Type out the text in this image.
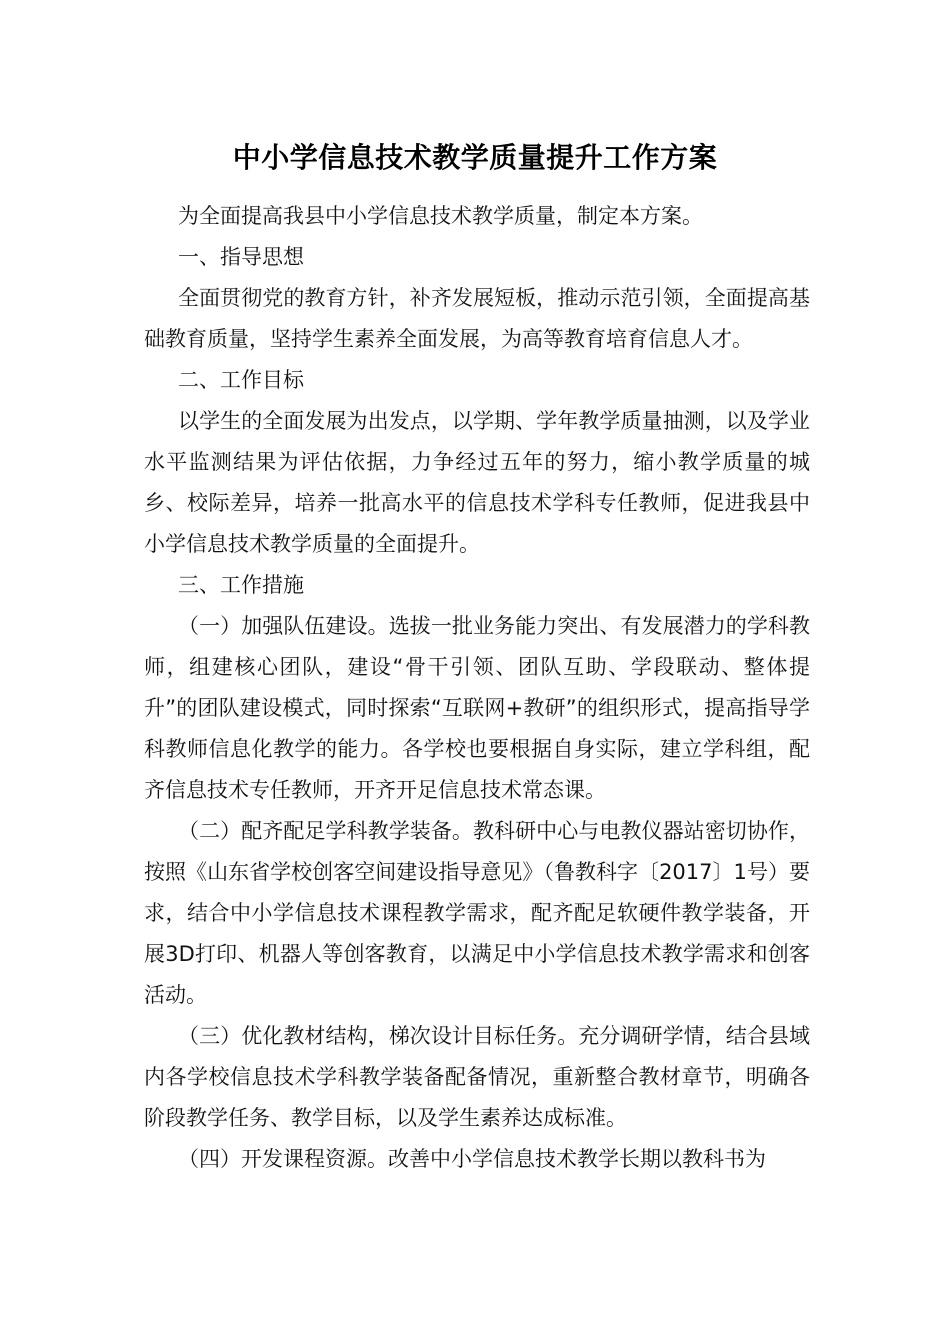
中小学信息技术教学质量提升工作方案

为全面提高我县中小学信息技术教学质量，制定本方案。

一、指导思想

全面贯彻党的教育方针，补齐发展短板，推动示范引领，全面提高基础教育质量，坚持学生素养全面发展，为高等教育培育信息人才。

二、工作目标

以学生的全面发展为出发点，以学期、学年教学质量抽测，以及学业水平监测结果为评估依据，力争经过五年的努力，缩小教学质量的城乡、校际差异，培养一批高水平的信息技术学科专任教师，促进我县中小学信息技术教学质量的全面提升。

三、工作措施

（一）加强队伍建设。选拔一批业务能力突出、有发展潜力的学科教师，组建核心团队，建设“骨干引领、团队互助、学段联动、整体提升”的团队建设模式，同时探索“互联网+教研”的组织形式，提高指导学科教师信息化教学的能力。各学校也要根据自身实际，建立学科组，配齐信息技术专任教师，开齐开足信息技术常态课。

（二）配齐配足学科教学装备。教科研中心与电教仪器站密切协作，按照《山东省学校创客空间建设指导意见》（鲁教科字〔2017〕1号）要求，结合中小学信息技术课程教学需求，配齐配足软硬件教学装备，开展3D打印、机器人等创客教育，以满足中小学信息技术教学需求和创客活动。

（三）优化教材结构，梯次设计目标任务。充分调研学情，结合县域内各学校信息技术学科教学装备配备情况，重新整合教材章节，明确各阶段教学任务、教学目标，以及学生素养达成标准。

（四）开发课程资源。改善中小学信息技术教学长期以教科书为
